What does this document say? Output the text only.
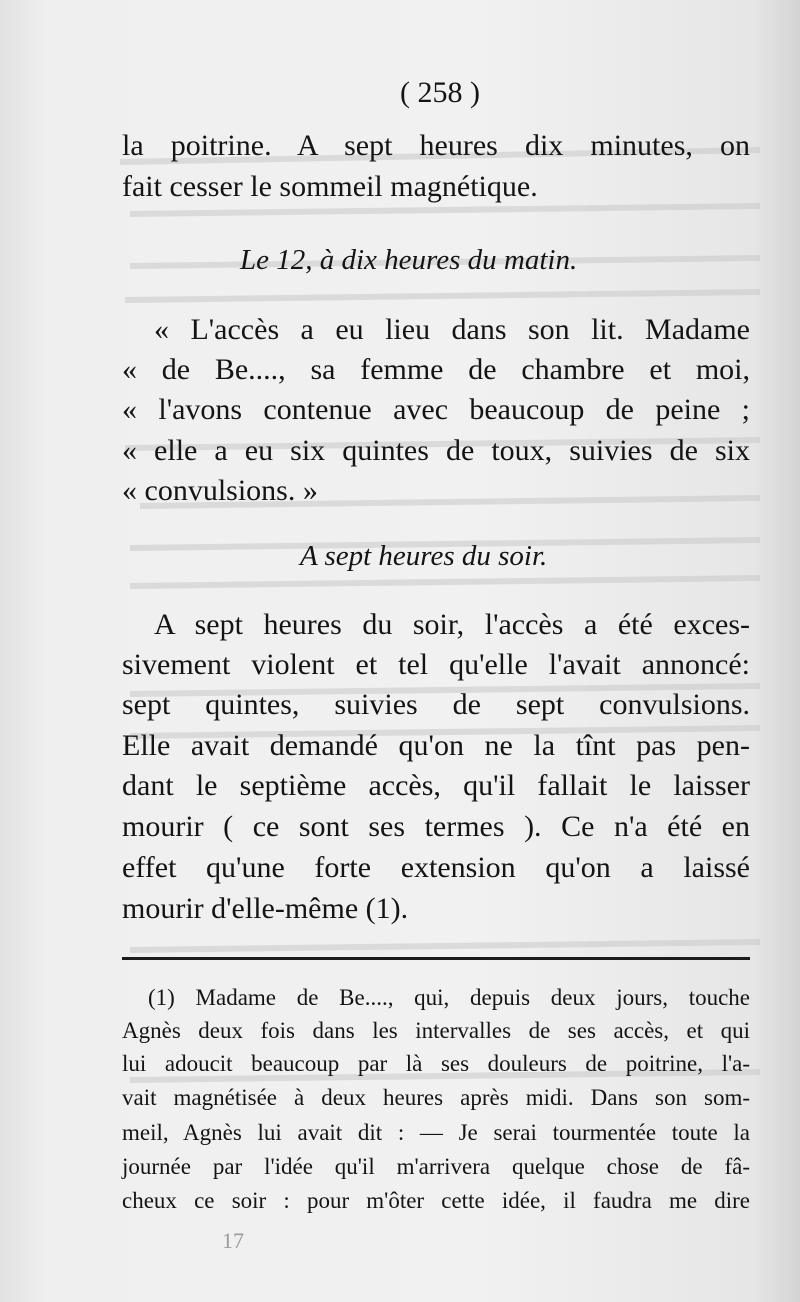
( 258 )
la poitrine. A sept heures dix minutes, on
fait cesser le sommeil magnétique.
Le 12, à dix heures du matin.
« L'accès a eu lieu dans son lit. Madame
« de Be...., sa femme de chambre et moi,
« l'avons contenue avec beaucoup de peine ;
« elle a eu six quintes de toux, suivies de six
« convulsions. »
A sept heures du soir.
A sept heures du soir, l'accès a été exces-
sivement violent et tel qu'elle l'avait annoncé:
sept quintes, suivies de sept convulsions.
Elle avait demandé qu'on ne la tînt pas pen-
dant le septième accès, qu'il fallait le laisser
mourir ( ce sont ses termes ). Ce n'a été en
effet qu'une forte extension qu'on a laissé
mourir d'elle-même (1).
(1) Madame de Be...., qui, depuis deux jours, touche
Agnès deux fois dans les intervalles de ses accès, et qui
lui adoucit beaucoup par là ses douleurs de poitrine, l'a-
vait magnétisée à deux heures après midi. Dans son som-
meil, Agnès lui avait dit : — Je serai tourmentée toute la
journée par l'idée qu'il m'arrivera quelque chose de fâ-
cheux ce soir : pour m'ôter cette idée, il faudra me dire
17
